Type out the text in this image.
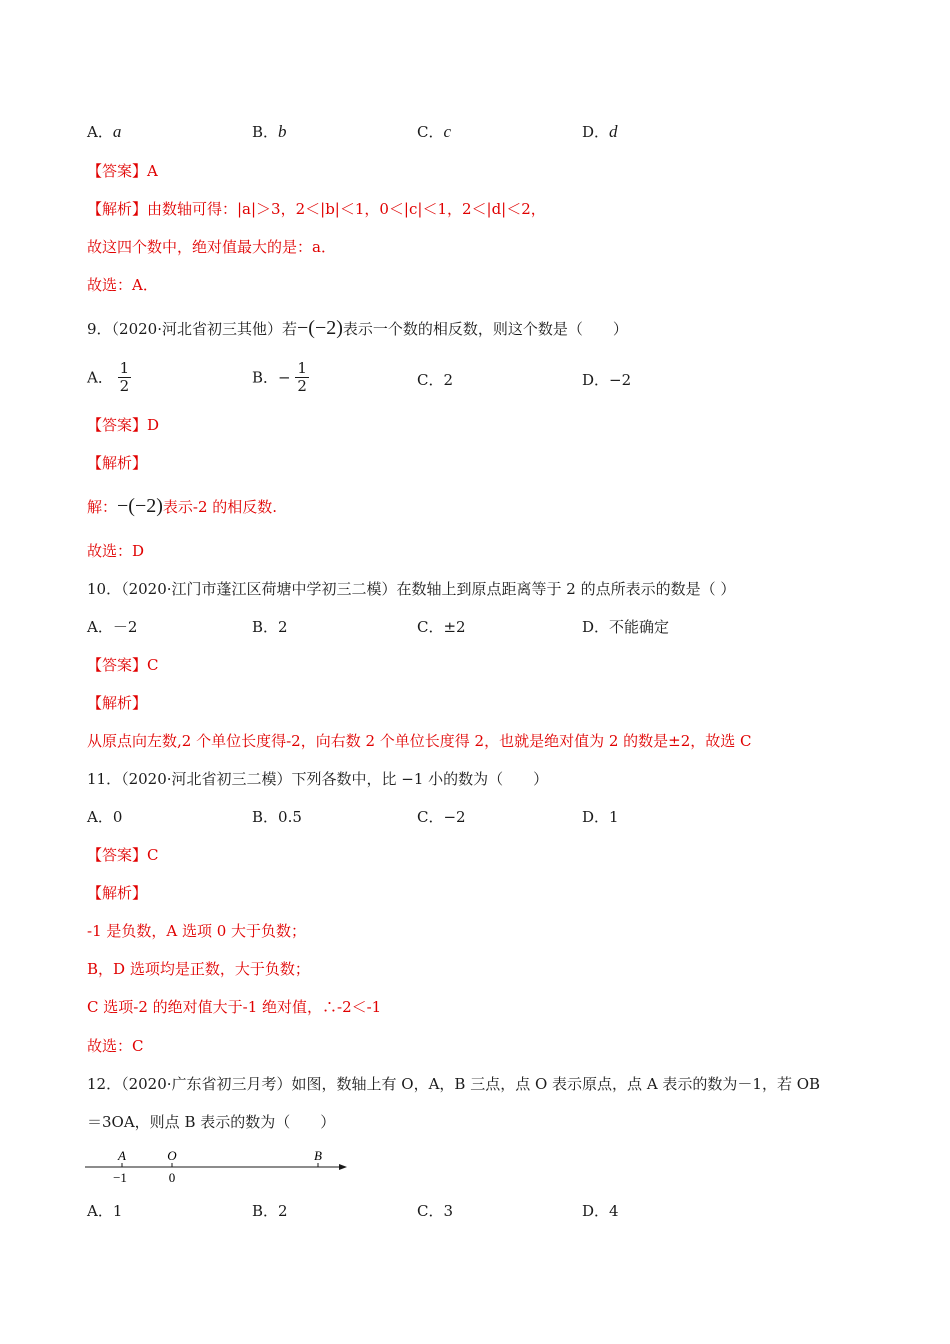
A．a	B．b	C．c	D．d
【答案】A
【解析】由数轴可得：|a|＞3，2＜|b|＜1，0＜|c|＜1，2＜|d|＜2，
故这四个数中，绝对值最大的是：a．
故选：A．
9．（2020·河北省初三其他）若−(−2)表示一个数的相反数，则这个数是（　　）
A． $\frac{1}{2}$	B．− $\frac{1}{2}$	C．2	D．−2
【答案】D
【解析】
解：−(−2)表示-2 的相反数.
故选：D
10．（2020·江门市蓬江区荷塘中学初三二模）在数轴上到原点距离等于 2 的点所表示的数是（ ）
A．－2	B．2	C．±2	D．不能确定
【答案】C
【解析】
从原点向左数,2 个单位长度得-2，向右数 2 个单位长度得 2，也就是绝对值为 2 的数是±2，故选 C
11．（2020·河北省初三二模）下列各数中，比 −1 小的数为（　　）
A．0	B．0.5	C．−2	D．1
【答案】C
【解析】
-1 是负数，A 选项 0 大于负数；
B，D 选项均是正数，大于负数；
C 选项-2 的绝对值大于-1 绝对值，∴-2＜-1
故选：C
12．（2020·广东省初三月考）如图，数轴上有 O，A，B 三点，点 O 表示原点，点 A 表示的数为－1，若 OB
＝3OA，则点 B 表示的数为（　　）
A	O	B
−1	0
A．1	B．2	C．3	D．4
